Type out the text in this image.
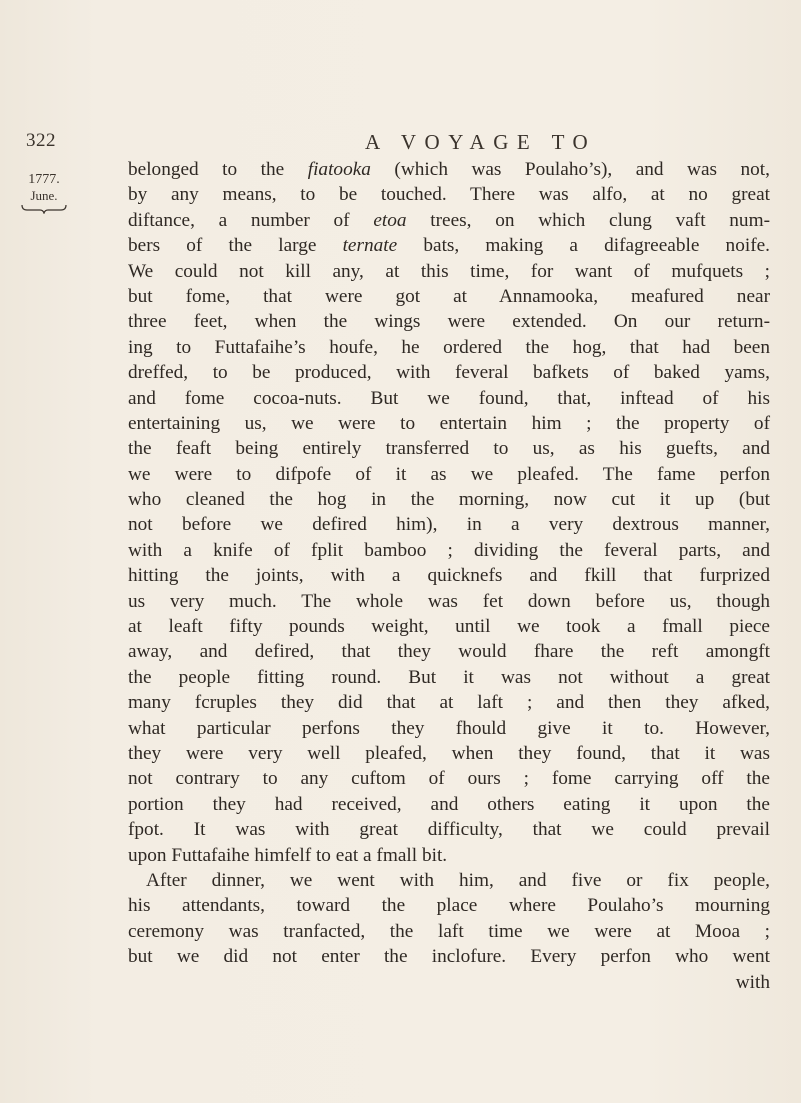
322	A VOYAGE TO
1777.
June.
belonged to the fiatooka (which was Poulaho’s), and was not,
by any means, to be touched. There was alfo, at no great
diftance, a number of etoa trees, on which clung vaft num-
bers of the large ternate bats, making a difagreeable noife.
We could not kill any, at this time, for want of mufquets ;
but fome, that were got at Annamooka, meafured near
three feet, when the wings were extended. On our return-
ing to Futtafaihe’s houfe, he ordered the hog, that had been
dreffed, to be produced, with feveral bafkets of baked yams,
and fome cocoa-nuts. But we found, that, inftead of his
entertaining us, we were to entertain him ; the property of
the feaft being entirely transferred to us, as his guefts, and
we were to difpofe of it as we pleafed. The fame perfon
who cleaned the hog in the morning, now cut it up (but
not before we defired him), in a very dextrous manner,
with a knife of fplit bamboo ; dividing the feveral parts, and
hitting the joints, with a quicknefs and fkill that furprized
us very much. The whole was fet down before us, though
at leaft fifty pounds weight, until we took a fmall piece
away, and defired, that they would fhare the reft amongft
the people fitting round. But it was not without a great
many fcruples they did that at laft ; and then they afked,
what particular perfons they fhould give it to. However,
they were very well pleafed, when they found, that it was
not contrary to any cuftom of ours ; fome carrying off the
portion they had received, and others eating it upon the
fpot. It was with great difficulty, that we could prevail
upon Futtafaihe himfelf to eat a fmall bit.
After dinner, we went with him, and five or fix people,
his attendants, toward the place where Poulaho’s mourning
ceremony was tranfacted, the laft time we were at Mooa ;
but we did not enter the inclofure. Every perfon who went
with
